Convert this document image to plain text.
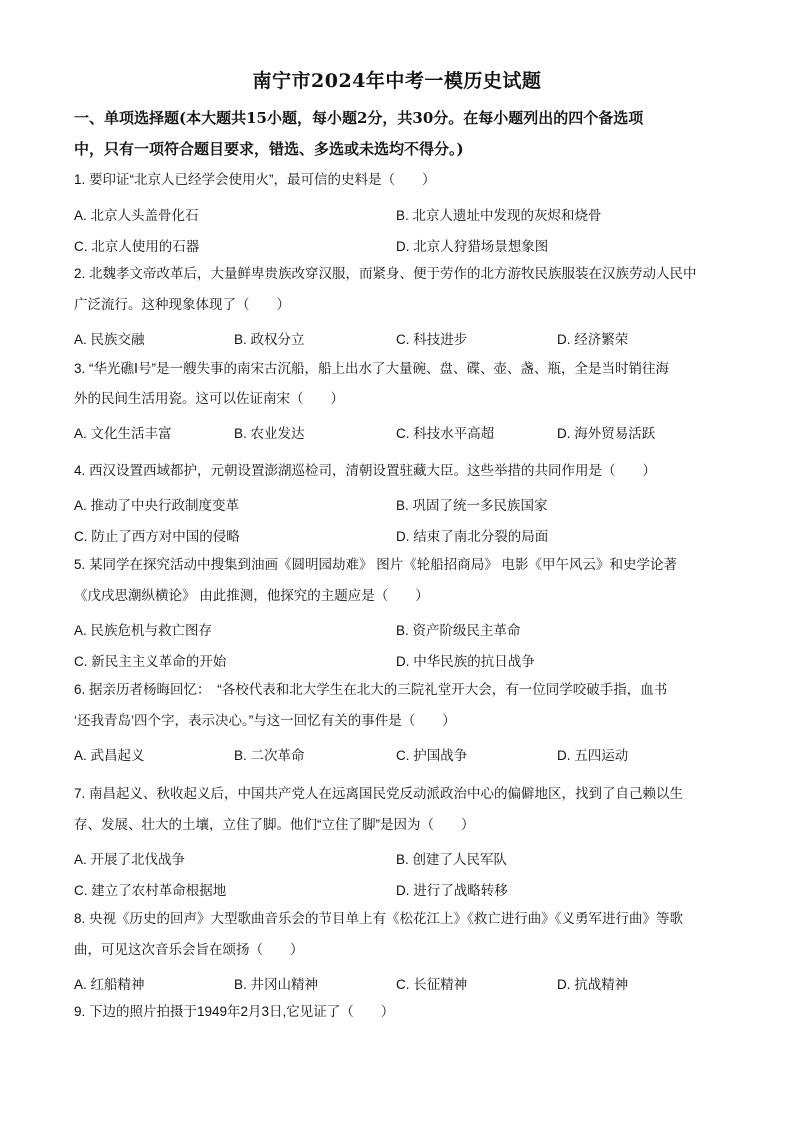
南宁市2024年中考一模历史试题
一、单项选择题(本大题共15小题，每小题2分，共30分。在每小题列出的四个备选项
中，只有一项符合题目要求，错选、多选或未选均不得分。)
1. 要印证“北京人已经学会使用火”，最可信的史料是（　　）
A. 北京人头盖骨化石	B. 北京人遗址中发现的灰烬和烧骨
C. 北京人使用的石器	D. 北京人狩猎场景想象图
2. 北魏孝文帝改革后，大量鲜卑贵族改穿汉服，而紧身、便于劳作的北方游牧民族服装在汉族劳动人民中
广泛流行。这种现象体现了（　　）
A. 民族交融	B. 政权分立	C. 科技进步	D. 经济繁荣
3. “华光礁Ⅰ号”是一艘失事的南宋古沉船，船上出水了大量碗、盘、碟、壶、盏、瓶，全是当时销往海
外的民间生活用瓷。这可以佐证南宋（　　）
A. 文化生活丰富	B. 农业发达	C. 科技水平高超	D. 海外贸易活跃
4. 西汉设置西域都护，元朝设置澎湖巡检司，清朝设置驻藏大臣。这些举措的共同作用是（　　）
A. 推动了中央行政制度变革	B. 巩固了统一多民族国家
C. 防止了西方对中国的侵略	D. 结束了南北分裂的局面
5. 某同学在探究活动中搜集到油画《圆明园劫难》 图片《轮船招商局》 电影《甲午风云》和史学论著
《戊戌思潮纵横论》 由此推测，他探究的主题应是（　　）
A. 民族危机与救亡图存	B. 资产阶级民主革命
C. 新民主主义革命的开始	D. 中华民族的抗日战争
6. 据亲历者杨晦回忆：　“各校代表和北大学生在北大的三院礼堂开大会，有一位同学咬破手指，血书
‘还我青岛’四个字，表示决心。”与这一回忆有关的事件是（　　）
A. 武昌起义	B. 二次革命	C. 护国战争	D. 五四运动
7. 南昌起义、秋收起义后，中国共产党人在远离国民党反动派政治中心的偏僻地区，找到了自己赖以生
存、发展、壮大的土壤，立住了脚。他们“立住了脚”是因为（　　）
A. 开展了北伐战争	B. 创建了人民军队
C. 建立了农村革命根据地	D. 进行了战略转移
8. 央视《历史的回声》大型歌曲音乐会的节目单上有《松花江上》《救亡进行曲》《义勇军进行曲》等歌
曲，可见这次音乐会旨在颂扬（　　）
A. 红船精神	B. 井冈山精神	C. 长征精神	D. 抗战精神
9. 下边的照片拍摄于1949年2月3日,它见证了（　　）
